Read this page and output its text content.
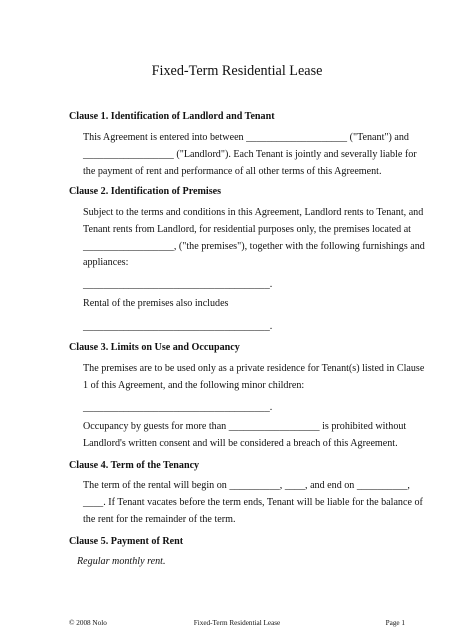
Fixed-Term Residential Lease
Clause 1. Identification of Landlord and Tenant
This Agreement is entered into between ____________________ ("Tenant") and
__________________ ("Landlord"). Each Tenant is jointly and severally liable for
the payment of rent and performance of all other terms of this Agreement.
Clause 2. Identification of Premises
Subject to the terms and conditions in this Agreement, Landlord rents to Tenant, and
Tenant rents from Landlord, for residential purposes only, the premises located at
__________________, ("the premises"), together with the following furnishings and
appliances:
_____________________________________.
Rental of the premises also includes
_____________________________________.
Clause 3. Limits on Use and Occupancy
The premises are to be used only as a private residence for Tenant(s) listed in Clause
1 of this Agreement, and the following minor children:
_____________________________________.
Occupancy by guests for more than __________________ is prohibited without
Landlord's written consent and will be considered a breach of this Agreement.
Clause 4. Term of the Tenancy
The term of the rental will begin on __________, ____, and end on __________,
____. If Tenant vacates before the term ends, Tenant will be liable for the balance of
the rent for the remainder of the term.
Clause 5. Payment of Rent
Regular monthly rent.
© 2008 Nolo	Fixed-Term Residential Lease	Page 1
